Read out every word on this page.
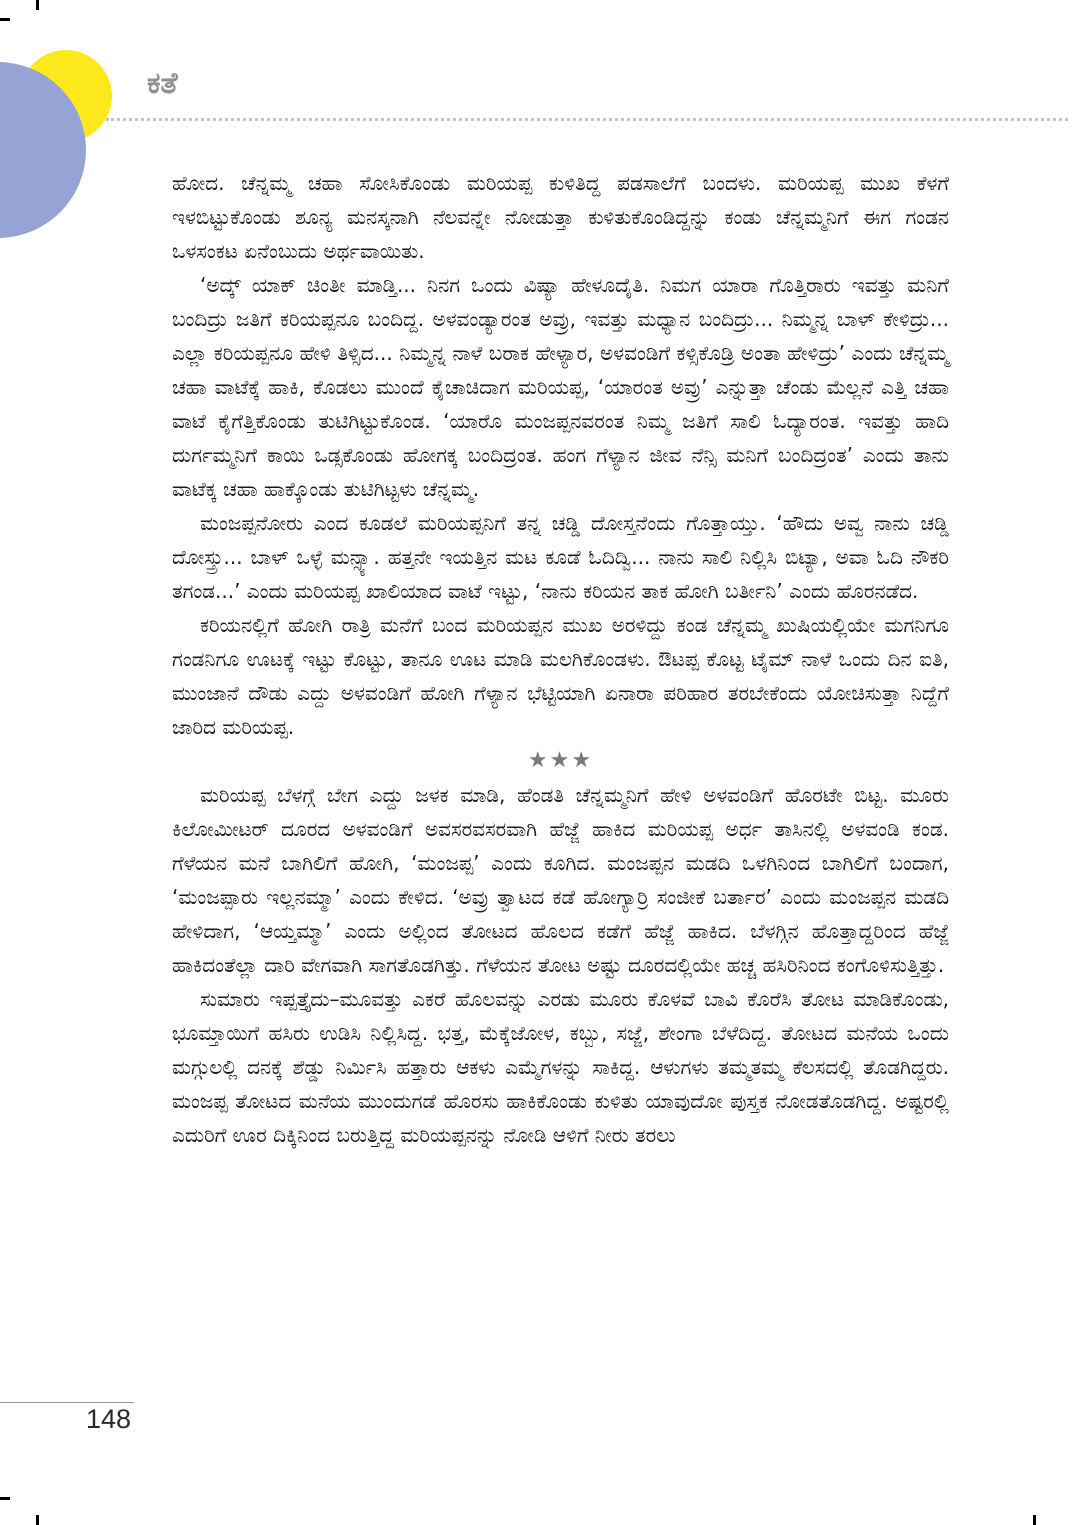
ಕತೆ

ಹೋದ. ಚೆನ್ನಮ್ಮ ಚಹಾ ಸೋಸಿಕೊಂಡು ಮರಿಯಪ್ಪ ಕುಳಿತಿದ್ದ ಪಡಸಾಲೆಗೆ ಬಂದಳು. ಮರಿಯಪ್ಪ ಮುಖ ಕೆಳಗೆ ಇಳಬಿಟ್ಟುಕೊಂಡು ಶೂನ್ಯ ಮನಸ್ಕನಾಗಿ ನೆಲವನ್ನೇ ನೋಡುತ್ತಾ ಕುಳಿತುಕೊಂಡಿದ್ದನ್ನು ಕಂಡು ಚೆನ್ನಮ್ಮನಿಗೆ ಈಗ ಗಂಡನ ಒಳಸಂಕಟ ಏನೆಂಬುದು ಅರ್ಥವಾಯಿತು.

‘ಅದ್ಕ್ ಯಾಕ್ ಚಿಂತೀ ಮಾಡ್ತಿ... ನಿನಗ ಒಂದು ವಿಷ್ಯಾ ಹೇಳೂದೈತಿ. ನಿಮಗ ಯಾರಾ ಗೊತ್ತಿರಾರು ಇವತ್ತು ಮನಿಗೆ ಬಂದಿದ್ರು ಜತಿಗೆ ಕರಿಯಪ್ಪನೂ ಬಂದಿದ್ದ. ಅಳವಂಡ್ಯಾರಂತ ಅವ್ರು, ಇವತ್ತು ಮಧ್ಯಾನ ಬಂದಿದ್ರು... ನಿಮ್ಮನ್ನ ಬಾಳ್ ಕೇಳಿದ್ರು... ಎಲ್ಲಾ ಕರಿಯಪ್ಪನೂ ಹೇಳಿ ತಿಳ್ಸಿದ... ನಿಮ್ಮನ್ನ ನಾಳೆ ಬರಾಕ ಹೇಳ್ಯಾರ, ಅಳವಂಡಿಗೆ ಕಳ್ಸಿಕೊಡ್ರಿ ಅಂತಾ ಹೇಳಿದ್ರು’ ಎಂದು ಚೆನ್ನಮ್ಮ ಚಹಾ ವಾಟೆಕ್ಕೆ ಹಾಕಿ, ಕೊಡಲು ಮುಂದೆ ಕೈಚಾಚಿದಾಗ ಮರಿಯಪ್ಪ, ‘ಯಾರಂತ ಅವ್ರು’ ಎನ್ನುತ್ತಾ ಚೆಂಡು ಮೆಲ್ಲನೆ ಎತ್ತಿ ಚಹಾ ವಾಟೆ ಕೈಗೆತ್ತಿಕೊಂಡು ತುಟಿಗಿಟ್ಟುಕೊಂಡ. ‘ಯಾರೊ ಮಂಜಪ್ಪನವರಂತ ನಿಮ್ಮ ಜತಿಗೆ ಸಾಲಿ ಓದ್ಯಾರಂತ. ಇವತ್ತು ಹಾದಿ ದುರ್ಗಮ್ಮನಿಗೆ ಕಾಯಿ ಒಡ್ಸಕೊಂಡು ಹೋಗಕ್ಕ ಬಂದಿದ್ರಂತ. ಹಂಗ ಗೆಳ್ಯಾನ ಜೀವ ನೆನ್ಸಿ ಮನಿಗೆ ಬಂದಿದ್ರಂತ’ ಎಂದು ತಾನು ವಾಟೆಕ್ಕ ಚಹಾ ಹಾಕ್ಕೊಂಡು ತುಟಿಗಿಟ್ಟಳು ಚೆನ್ನಮ್ಮ.

ಮಂಜಪ್ಪನೋರು ಎಂದ ಕೂಡಲೆ ಮರಿಯಪ್ಪನಿಗೆ ತನ್ನ ಚಡ್ಡಿ ದೋಸ್ತನೆಂದು ಗೊತ್ತಾಯ್ತು. ‘ಹೌದು ಅವ್ವ ನಾನು ಚಡ್ಡಿ ದೋಸ್ತ್ರು... ಬಾಳ್ ಒಳ್ಳೆ ಮನ್ಸ್ಯಾ. ಹತ್ತನೇ ಇಯತ್ತಿನ ಮಟ ಕೂಡೆ ಓದಿದ್ವಿ... ನಾನು ಸಾಲಿ ನಿಲ್ಲಿಸಿ ಬಿಟ್ಯಾ, ಅವಾ ಓದಿ ನೌಕರಿ ತಗಂಡ...’ ಎಂದು ಮರಿಯಪ್ಪ ಖಾಲಿಯಾದ ವಾಟೆ ಇಟ್ಟು, ‘ನಾನು ಕರಿಯನ ತಾಕ ಹೋಗಿ ಬರ್ತೀನಿ’ ಎಂದು ಹೊರನಡೆದ.

ಕರಿಯನಲ್ಲಿಗೆ ಹೋಗಿ ರಾತ್ರಿ ಮನೆಗೆ ಬಂದ ಮರಿಯಪ್ಪನ ಮುಖ ಅರಳಿದ್ದು ಕಂಡ ಚೆನ್ನಮ್ಮ ಖುಷಿಯಲ್ಲಿಯೇ ಮಗನಿಗೂ ಗಂಡನಿಗೂ ಊಟಕ್ಕೆ ಇಟ್ಟು ಕೊಟ್ಟು, ತಾನೂ ಊಟ ಮಾಡಿ ಮಲಗಿಕೊಂಡಳು. ಔಟಪ್ಪ ಕೊಟ್ಟ ಟೈಮ್ ನಾಳೆ ಒಂದು ದಿನ ಐತಿ, ಮುಂಜಾನೆ ದೌಡು ಎದ್ದು ಅಳವಂಡಿಗೆ ಹೋಗಿ ಗೆಳ್ಯಾನ ಭೆಟ್ಟಿಯಾಗಿ ಏನಾರಾ ಪರಿಹಾರ ತರಬೇಕೆಂದು ಯೋಚಿಸುತ್ತಾ ನಿದ್ದೆಗೆ ಜಾರಿದ ಮರಿಯಪ್ಪ.

★★★

ಮರಿಯಪ್ಪ ಬೆಳಗ್ಗೆ ಬೇಗ ಎದ್ದು ಜಳಕ ಮಾಡಿ, ಹೆಂಡತಿ ಚೆನ್ನಮ್ಮನಿಗೆ ಹೇಳಿ ಅಳವಂಡಿಗೆ ಹೊರಟೇ ಬಿಟ್ಟ. ಮೂರು ಕಿಲೋಮೀಟರ್ ದೂರದ ಅಳವಂಡಿಗೆ ಅವಸರವಸರವಾಗಿ ಹೆಜ್ಜೆ ಹಾಕಿದ ಮರಿಯಪ್ಪ ಅರ್ಧ ತಾಸಿನಲ್ಲಿ ಅಳವಂಡಿ ಕಂಡ. ಗೆಳೆಯನ ಮನೆ ಬಾಗಿಲಿಗೆ ಹೋಗಿ, ‘ಮಂಜಪ್ಪ’ ಎಂದು ಕೂಗಿದ. ಮಂಜಪ್ಪನ ಮಡದಿ ಒಳಗಿನಿಂದ ಬಾಗಿಲಿಗೆ ಬಂದಾಗ, ‘ಮಂಜಪ್ಪಾರು ಇಲ್ಲನಮ್ಮಾ’ ಎಂದು ಕೇಳಿದ. ‘ಅವ್ರು ತ್ವಾಟದ ಕಡೆ ಹೋಗ್ಯಾರ್ರಿ ಸಂಜೀಕೆ ಬರ್ತಾರ’ ಎಂದು ಮಂಜಪ್ಪನ ಮಡದಿ ಹೇಳಿದಾಗ, ‘ಆಯ್ತಮ್ಮಾ’ ಎಂದು ಅಲ್ಲಿಂದ ತೋಟದ ಹೊಲದ ಕಡೆಗೆ ಹೆಜ್ಜೆ ಹಾಕಿದ. ಬೆಳಗ್ಗಿನ ಹೊತ್ತಾದ್ದರಿಂದ ಹೆಜ್ಜೆ ಹಾಕಿದಂತೆಲ್ಲಾ ದಾರಿ ವೇಗವಾಗಿ ಸಾಗತೊಡಗಿತ್ತು. ಗೆಳೆಯನ ತೋಟ ಅಷ್ಟು ದೂರದಲ್ಲಿಯೇ ಹಚ್ಚ ಹಸಿರಿನಿಂದ ಕಂಗೊಳಿಸುತ್ತಿತ್ತು.

ಸುಮಾರು ಇಪ್ಪತ್ತೈದು–ಮೂವತ್ತು ಎಕರೆ ಹೊಲವನ್ನು ಎರಡು ಮೂರು ಕೊಳವೆ ಬಾವಿ ಕೊರೆಸಿ ತೋಟ ಮಾಡಿಕೊಂಡು, ಭೂಮ್ತಾಯಿಗೆ ಹಸಿರು ಉಡಿಸಿ ನಿಲ್ಲಿಸಿದ್ದ. ಭತ್ತ, ಮೆಕ್ಕೆಜೋಳ, ಕಬ್ಬು, ಸಜ್ಜೆ, ಶೇಂಗಾ ಬೆಳೆದಿದ್ದ. ತೋಟದ ಮನೆಯ ಒಂದು ಮಗ್ಗುಲಲ್ಲಿ ದನಕ್ಕೆ ಶೆಡ್ಡು ನಿರ್ಮಿಸಿ ಹತ್ತಾರು ಆಕಳು ಎಮ್ಮೆಗಳನ್ನು ಸಾಕಿದ್ದ. ಆಳುಗಳು ತಮ್ಮತಮ್ಮ ಕೆಲಸದಲ್ಲಿ ತೊಡಗಿದ್ದರು. ಮಂಜಪ್ಪ ತೋಟದ ಮನೆಯ ಮುಂದುಗಡೆ ಹೊರಸು ಹಾಕಿಕೊಂಡು ಕುಳಿತು ಯಾವುದೋ ಪುಸ್ತಕ ನೋಡತೊಡಗಿದ್ದ. ಅಷ್ಟರಲ್ಲಿ ಎದುರಿಗೆ ಊರ ದಿಕ್ಕಿನಿಂದ ಬರುತ್ತಿದ್ದ ಮರಿಯಪ್ಪನನ್ನು ನೋಡಿ ಆಳಿಗೆ ನೀರು ತರಲು

148
